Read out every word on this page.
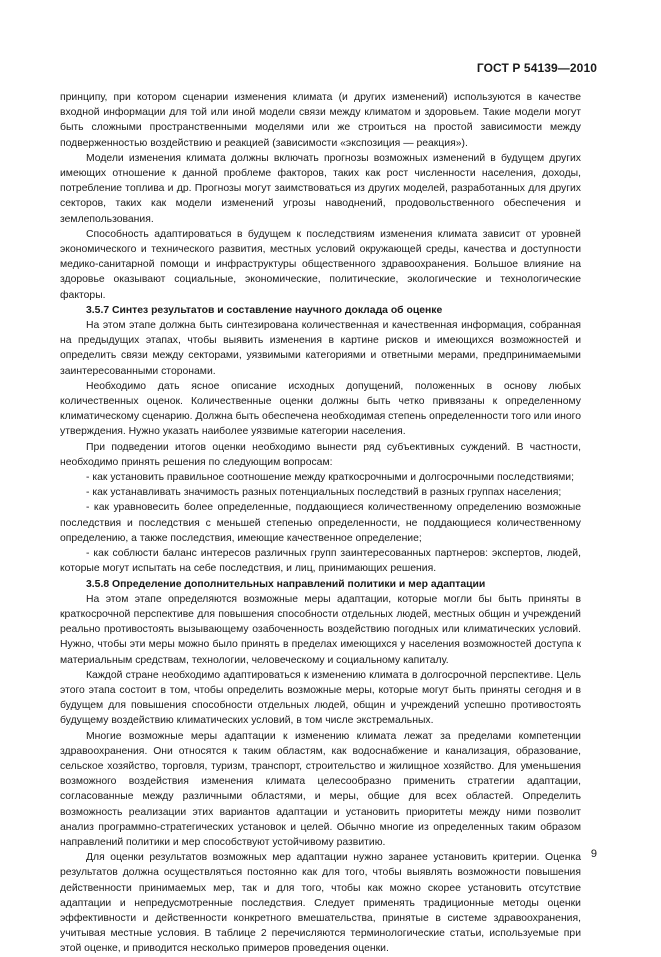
ГОСТ Р 54139—2010

принципу, при котором сценарии изменения климата (и других изменений) используются в качестве входной информации для той или иной модели связи между климатом и здоровьем. Такие модели могут быть сложными пространственными моделями или же строиться на простой зависимости между подверженностью воздействию и реакцией (зависимости «экспозиция — реакция»).

Модели изменения климата должны включать прогнозы возможных изменений в будущем других имеющих отношение к данной проблеме факторов, таких как рост численности населения, доходы, потребление топлива и др. Прогнозы могут заимствоваться из других моделей, разработанных для других секторов, таких как модели изменений угрозы наводнений, продовольственного обеспечения и землепользования.

Способность адаптироваться в будущем к последствиям изменения климата зависит от уровней экономического и технического развития, местных условий окружающей среды, качества и доступности медико-санитарной помощи и инфраструктуры общественного здравоохранения. Большое влияние на здоровье оказывают социальные, экономические, политические, экологические и технологические факторы.

3.5.7 Синтез результатов и составление научного доклада об оценке

На этом этапе должна быть синтезирована количественная и качественная информация, собранная на предыдущих этапах, чтобы выявить изменения в картине рисков и имеющихся возможностей и определить связи между секторами, уязвимыми категориями и ответными мерами, предпринимаемыми заинтересованными сторонами.

Необходимо дать ясное описание исходных допущений, положенных в основу любых количественных оценок. Количественные оценки должны быть четко привязаны к определенному климатическому сценарию. Должна быть обеспечена необходимая степень определенности того или иного утверждения. Нужно указать наиболее уязвимые категории населения.

При подведении итогов оценки необходимо вынести ряд субъективных суждений. В частности, необходимо принять решения по следующим вопросам:

- как установить правильное соотношение между краткосрочными и долгосрочными последствиями;

- как устанавливать значимость разных потенциальных последствий в разных группах населения;

- как уравновесить более определенные, поддающиеся количественному определению возможные последствия и последствия с меньшей степенью определенности, не поддающиеся количественному определению, а также последствия, имеющие качественное определение;

- как соблюсти баланс интересов различных групп заинтересованных партнеров: экспертов, людей, которые могут испытать на себе последствия, и лиц, принимающих решения.

3.5.8 Определение дополнительных направлений политики и мер адаптации

На этом этапе определяются возможные меры адаптации, которые могли бы быть приняты в краткосрочной перспективе для повышения способности отдельных людей, местных общин и учреждений реально противостоять вызывающему озабоченность воздействию погодных или климатических условий. Нужно, чтобы эти меры можно было принять в пределах имеющихся у населения возможностей доступа к материальным средствам, технологии, человеческому и социальному капиталу.

Каждой стране необходимо адаптироваться к изменению климата в долгосрочной перспективе. Цель этого этапа состоит в том, чтобы определить возможные меры, которые могут быть приняты сегодня и в будущем для повышения способности отдельных людей, общин и учреждений успешно противостоять будущему воздействию климатических условий, в том числе экстремальных.

Многие возможные меры адаптации к изменению климата лежат за пределами компетенции здравоохранения. Они относятся к таким областям, как водоснабжение и канализация, образование, сельское хозяйство, торговля, туризм, транспорт, строительство и жилищное хозяйство. Для уменьшения возможного воздействия изменения климата целесообразно применить стратегии адаптации, согласованные между различными областями, и меры, общие для всех областей. Определить возможность реализации этих вариантов адаптации и установить приоритеты между ними позволит анализ программно-стратегических установок и целей. Обычно многие из определенных таким образом направлений политики и мер способствуют устойчивому развитию.

Для оценки результатов возможных мер адаптации нужно заранее установить критерии. Оценка результатов должна осуществляться постоянно как для того, чтобы выявлять возможности повышения действенности принимаемых мер, так и для того, чтобы как можно скорее установить отсутствие адаптации и непредусмотренные последствия. Следует применять традиционные методы оценки эффективности и действенности конкретного вмешательства, принятые в системе здравоохранения, учитывая местные условия. В таблице 2 перечисляются терминологические статьи, используемые при этой оценке, и приводится несколько примеров проведения оценки.

9
